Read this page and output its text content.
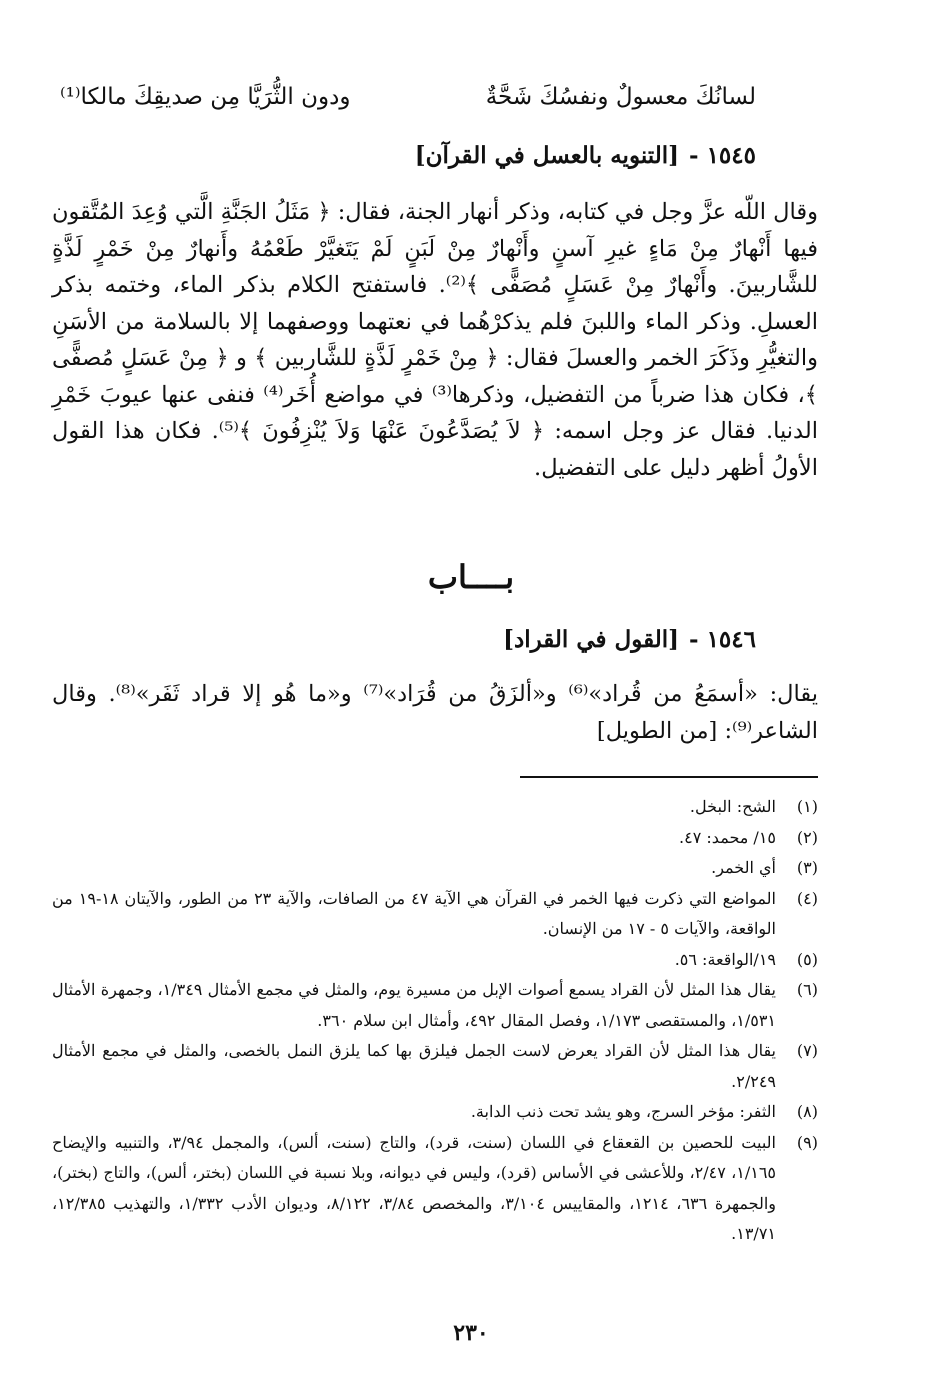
لسانُكَ معسولٌ ونفسُكَ شَحَّةٌ
ودون الثُّرَيَّا مِن صديقِكَ مالكا⁽¹⁾
١٥٤٥ -[التنويه بالعسل في القرآن]
وقال اللّه عزَّ وجل في كتابه، وذكر أنهار الجنة، فقال: ﴿ مَثَلُ الجَنَّةِ الَّتي وُعِدَ المُتَّقون فيها أَنْهارٌ مِنْ مَاءٍ غيرِ آسنٍ وأَنْهارٌ مِنْ لَبَنٍ لَمْ يَتَغيَّرْ طَعْمُهُ وأَنهارٌ مِنْ خَمْرٍ لَذَّةٍ للشَّاربينَ. وأَنْهارٌ مِنْ عَسَلٍ مُصَفًّى ﴾⁽²⁾. فاستفتح الكلام بذكر الماء، وختمه بذكر العسلِ. وذكر الماء واللبنَ فلم يذكرْهُما في نعتهما ووصفهما إلا بالسلامة من الأسَنِ والتغيُّرِ وذَكَرَ الخمر والعسلَ فقال: ﴿ مِنْ خَمْرٍ لَذَّةٍ للشَّاربين ﴾ و ﴿ مِنْ عَسَلٍ مُصفًّى ﴾، فكان هذا ضرباً من التفضيل، وذكرها⁽³⁾ في مواضع أُخَر⁽⁴⁾ فنفى عنها عيوبَ خَمْرِ الدنيا. فقال عز وجل اسمه: ﴿ لاَ يُصَدَّعُونَ عَنْهَا وَلاَ يُنْزِفُونَ ﴾⁽⁵⁾. فكان هذا القول الأولُ أظهر دليل على التفضيل.
بــــاب
١٥٤٦ -[القول في القراد]
يقال: «أسمَعُ من قُراد»⁽⁶⁾ و«ألزَقُ من قُرَاد»⁽⁷⁾ و«ما هُو إلا قراد ثَفَر»⁽⁸⁾. وقال الشاعر⁽⁹⁾: [من الطويل]
(١)
الشح: البخل.
(٢)
١٥/ محمد: ٤٧.
(٣)
أي الخمر.
(٤)
المواضع التي ذكرت فيها الخمر في القرآن هي الآية ٤٧ من الصافات، والآية ٢٣ من الطور، والآيتان ١٨-١٩ من الواقعة، والآيات ٥ - ١٧ من الإنسان.
(٥)
١٩/الواقعة: ٥٦.
(٦)
يقال هذا المثل لأن القراد يسمع أصوات الإبل من مسيرة يوم، والمثل في مجمع الأمثال ١/٣٤٩، وجمهرة الأمثال ١/٥٣١، والمستقصى ١/١٧٣، وفصل المقال ٤٩٢، وأمثال ابن سلام ٣٦٠.
(٧)
يقال هذا المثل لأن القراد يعرض لاست الجمل فيلزق بها كما يلزق النمل بالخصى، والمثل في مجمع الأمثال ٢/٢٤٩.
(٨)
الثفر: مؤخر السرج، وهو يشد تحت ذنب الدابة.
(٩)
البيت للحصين بن القعقاع في اللسان (سنت، قرد)، والتاج (سنت، ألس)، والمجمل ٣/٩٤، والتنبيه والإيضاح ١/١٦٥، ٢/٤٧، وللأعشى في الأساس (قرد)، وليس في ديوانه، وبلا نسبة في اللسان (بختر، ألس)، والتاج (بختر)، والجمهرة ٦٣٦، ١٢١٤، والمقاييس ٣/١٠٤، والمخصص ٣/٨٤، ٨/١٢٢، وديوان الأدب ١/٣٣٢، والتهذيب ١٢/٣٨٥، ١٣/٧١.
٢٣٠
